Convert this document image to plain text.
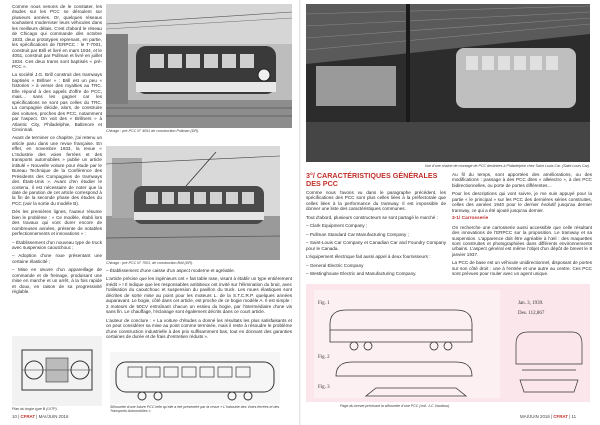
Comme nous venons de le constater, les études sur les PCC se déroulent sur plusieurs années. Or, quelques réseaux souhaitent moderniser leurs véhicules dans les meilleurs délais. C'est d'abord le réseau de Chicago qui commande dès octobre 1933, deux prototypes reprenant, en partie, les spécifications de l'ERPCC : le T-7001, construit par Brill et livré en mars 1934, et le 4051, construit par Pullman et livré en juillet 1934. Ces deux trams sont baptisés « pré-PCC ».

La société J.G. Brill construit des tramways baptisés « Brillner » : Brill est un peu « historien » à verser des royalties au TRC. Elle répond à des appels d'offre de PCC, mais… sans les gagner car les spécifications ne sont pas celles du TRC. La compagnie décide, alors, de construire des voitures, proches des PCC, notamment par l'aspect. On voit des « Brillners » à Atlantic City, Philadelphie, Baltimore et Cincinnati.

Avant de terminer ce chapitre, j'ai retenu un article paru dans une revue française. En effet, en novembre 1933, la revue « L'Industrie des voies ferrées et des transports automobiles » publie un article intitulé « Nouvelle voiture pour étude par le Bureau Technique de la Conférence des Présidents des Compagnies de tramways des États-Unis ». Avant d'en étudier le contenu, il est nécessaire de noter que la date de parution de cet article correspond à la fin de la seconde phase des études du PCC (voir la sortie du modèle B).

Dès les premières lignes, l'auteur résume bien le problème : « Ce modèle, établi lors des travaux qui vont durer encore de nombreuses années, présente de notables perfectionnements et innovations » :

– Établissement d'un nouveau type de truck avec suspension caoutchouc ;

– Adoption d'une roue présentant une certaine élasticité ;

– Mise en œuvre d'un appareillage de commande et de freinage, produisant une mise en marche et un arrêt, à la fois rapide et doux, en raison de sa progressivité réglable.

Chicago : pré-PCC N° 4051 de construction Pullman (DR).
Chicago : pré-PCC N° 7001, de construction Brill (DR).

– Établissement d'une caisse d'un aspect moderne et agréable.

L'article précise que les ingénieurs ont « fait table rase, visant à établir un type entièrement inédit » ! Il indique que les responsables ambitieux ont invité sur l'élimination du bruit, avec l'utilisation du caoutchouc et suspension du pavillon du truck. Les roues élastiques sont décrites de sorte mise au point pour les moteurs L. de la S.T.C.R.P. quelques années auparavant. Le bogie, côté dans cet article, est proche de ce bogie modèle A. Il est simple : 2 moteurs de 50CV entraînant chacun un essieu du bogie, par l'intermédiaire d'une vis sans fin. Le chauffage, l'éclairage sont également décrits dans ce court article.

L'auteur de conclure : « La voiture d'études a donné les résultats les plus satisfaisants et on peut considérer sa mise au point comme terminée, mais il reste à résoudre le problème d'une construction industrielle à des prix suffisamment bas, tout en donnant des garanties certaines de durée et de frais d'entretien réduits ».

Plan du bogie type B (UITP).	Silhouette d'une future PCC telle qu'elle a été présentée par la revue « L'Industrie des Voies ferrées et des Transports Automobiles ».
10 | CFRAT | MAI/JUIN 2016
Vue d'une chaîne de montage de PCC destinées à Philadelphie chez Saint Louis Car. (Saint Louis Car).
3°/ CARACTÉRISTIQUES GÉNÉRALES DES PCC

Comme nous l'avons vu dans le paragraphe précédent, les spécifications des PCC sont plus celles liées à la préfectorale que celles liées à la performance du tramway. Il est impossible de donner une liste des caractéristiques communes.

Tout d'abord, plusieurs constructeurs se sont partagé le marché :

– Clark Equipment Company ;

– Pullman Standard Car Manufacturing Company ;

– Saint-Louis Car Company et Canadian Car and Foundry Company pour le Canada.

L'équipement électrique fait aussi appel à deux fournisseurs :

– General Electric Company

– Westinghouse Electric and Manufacturing Company.

Au fil du temps, sont apportées des améliorations, ou des modifications : passage à des PCC dites « allelectro », à des PCC bidirectionnelles, ou porte de portes différentes…

Pour les descriptions qui vont suivre, je me suis appuyé pour la partie « le principal » sur les PCC des dernières séries construites, celles des années 1940 pour le dernier évolutif jusqu'au dernier tramway, ce qui a été ajouté jusqu'au dernier.

3-1/ Carrosserie

On recherche une carrosserie aussi accessible que celle résultant des innovations de l'ERPCC sur la proposition. Le tramway et sa suspension. L'apparence doit être agréable à l'œil : des maquettes sont construites et photographiées dans différents environnements urbains. L'aspect général est même l'objet d'un dépôt de brevet le 8 janvier 1937.

La PCC de base est un véhicule unidirectionnel, disposant de portes sur son côté droit : une à l'entrée et une autre au centre. Ces PCC sont prévues pour rouler avec un agent unique.

Fig. 1
Fig. 2
Fig. 3
Jan. 3, 1939.
Des. 112,867
Page du brevet précisant la silhouette d'une PCC (coll. J-C Vaudrou).
MAI/JUIN 2016 | CFRAT | 11
